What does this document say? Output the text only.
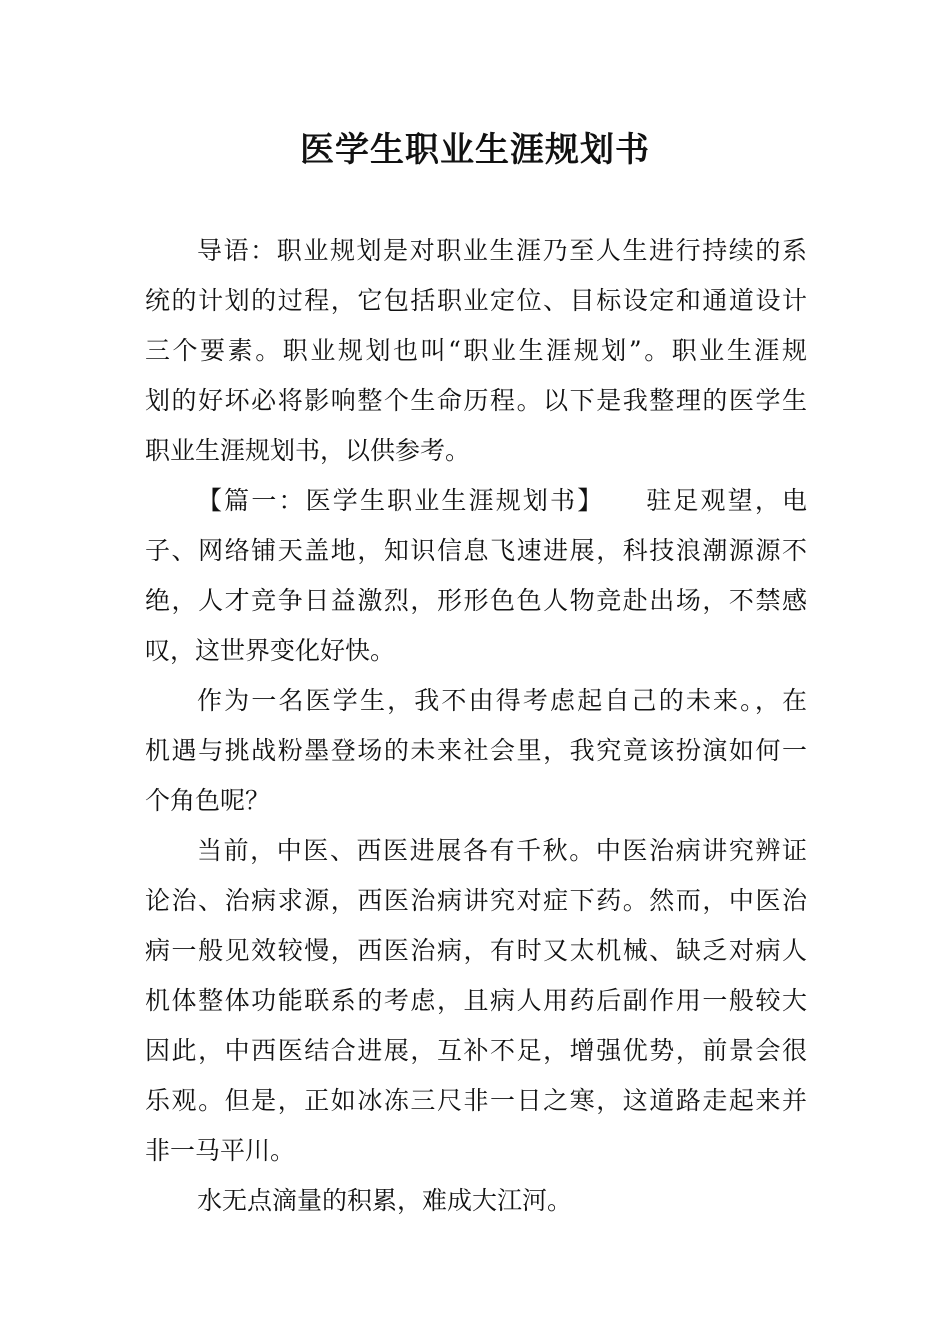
医学生职业生涯规划书

导语：职业规划是对职业生涯乃至人生进行持续的系
统的计划的过程，它包括职业定位、目标设定和通道设计
三个要素。职业规划也叫“职业生涯规划”。职业生涯规
划的好坏必将影响整个生命历程。以下是我整理的医学生
职业生涯规划书，以供参考。

【篇一：医学生职业生涯规划书】　　驻足观望，电
子、网络铺天盖地，知识信息飞速进展，科技浪潮源源不
绝，人才竞争日益激烈，形形色色人物竞赴出场，不禁感
叹，这世界变化好快。

作为一名医学生，我不由得考虑起自己的未来。，在
机遇与挑战粉墨登场的未来社会里，我究竟该扮演如何一
个角色呢？

当前，中医、西医进展各有千秋。中医治病讲究辨证
论治、治病求源，西医治病讲究对症下药。然而，中医治
病一般见效较慢，西医治病，有时又太机械、缺乏对病人
机体整体功能联系的考虑，且病人用药后副作用一般较大
因此，中西医结合进展，互补不足，增强优势，前景会很
乐观。但是，正如冰冻三尺非一日之寒，这道路走起来并
非一马平川。

水无点滴量的积累，难成大江河。
